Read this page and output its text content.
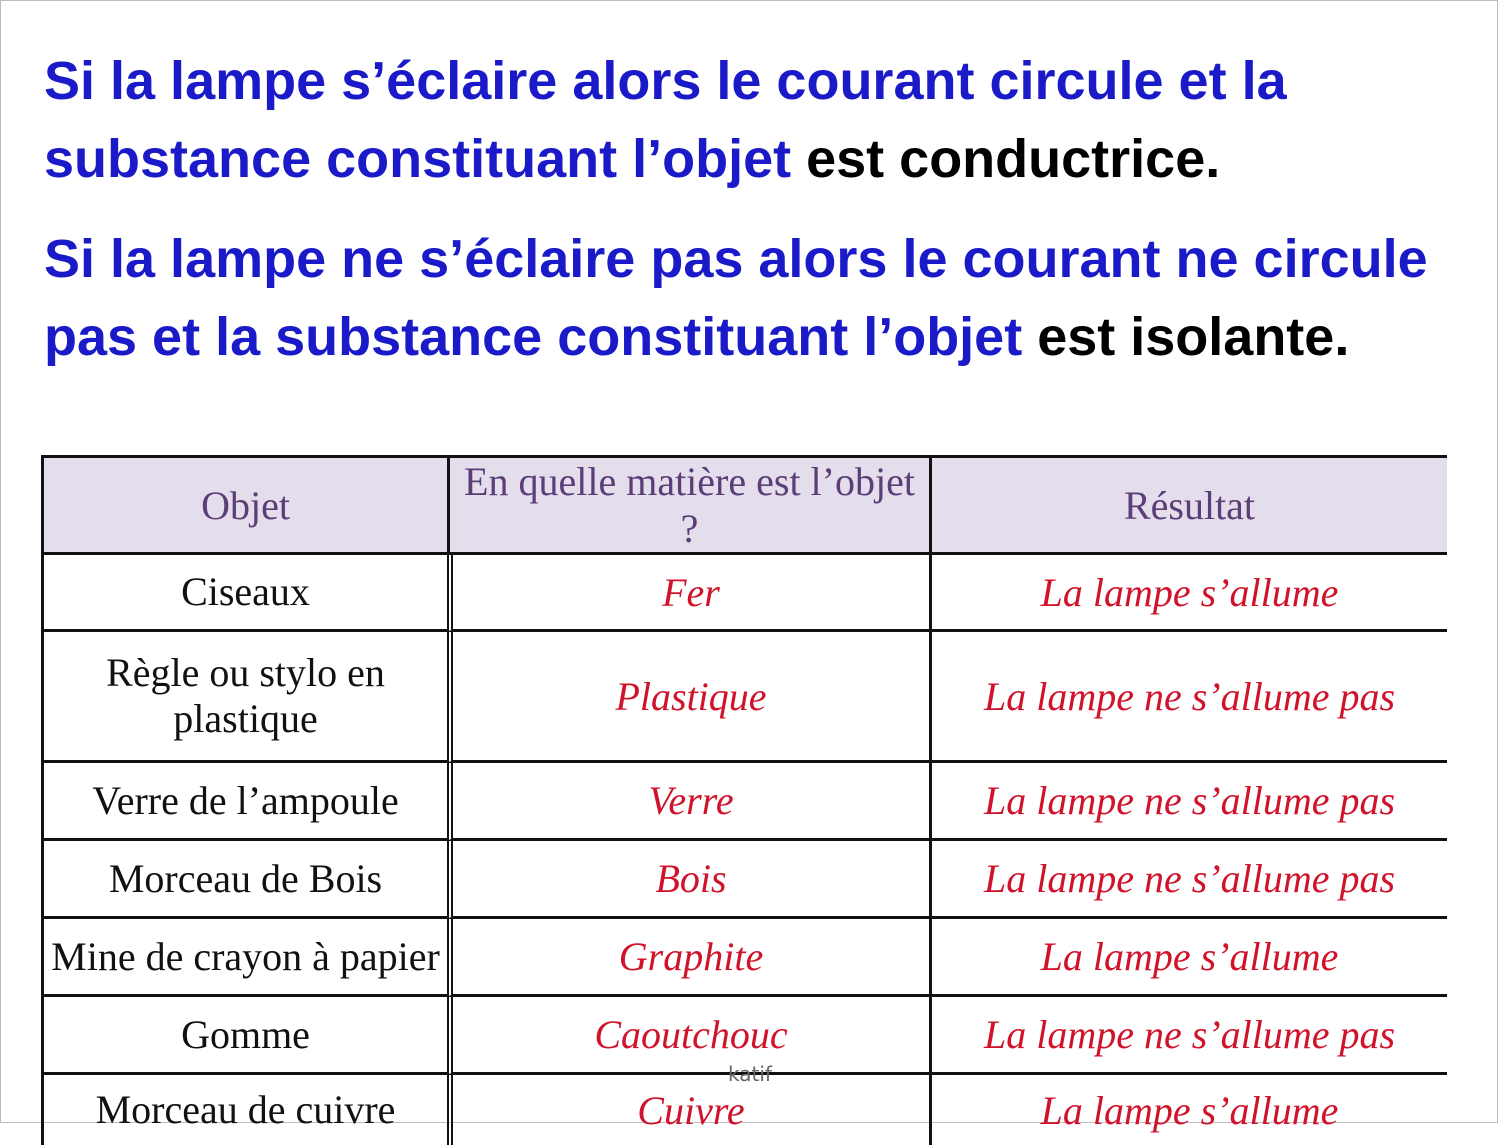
Si la lampe s’éclaire alors le courant circule et la substance constituant l’objet est conductrice.

Si la lampe ne s’éclaire pas alors le courant ne circule pas et la substance constituant l’objet est isolante.

Objet	En quelle matière est l’objet ?	Résultat
Ciseaux	Fer	La lampe s’allume
Règle ou stylo en plastique	Plastique	La lampe ne s’allume pas
Verre de l’ampoule	Verre	La lampe ne s’allume pas
Morceau de Bois	Bois	La lampe ne s’allume pas
Mine de crayon à papier	Graphite	La lampe s’allume
Gomme	Caoutchouc	La lampe ne s’allume pas
Morceau de cuivre	Cuivre	La lampe s’allume
katif
